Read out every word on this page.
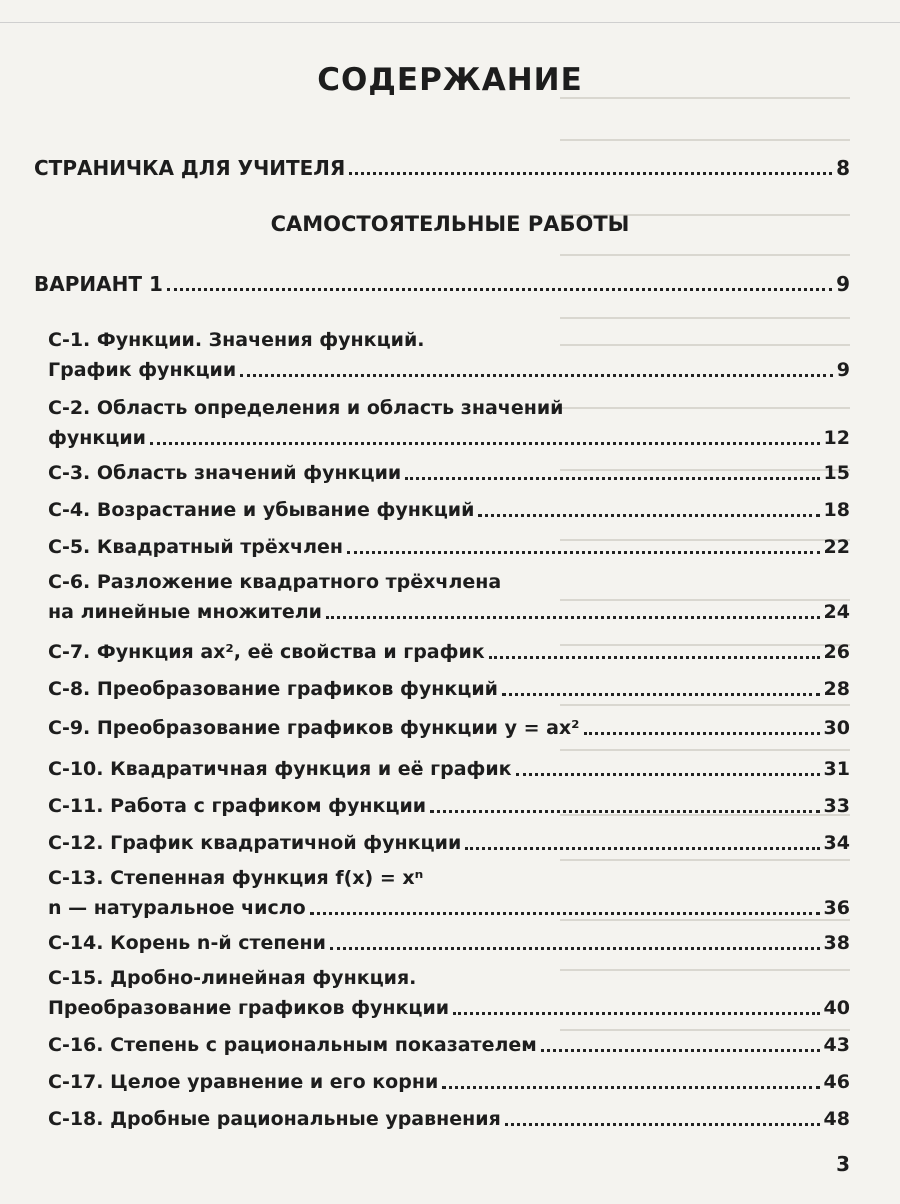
СОДЕРЖАНИЕ
СТРАНИЧКА ДЛЯ УЧИТЕЛЯ	8
САМОСТОЯТЕЛЬНЫЕ РАБОТЫ
ВАРИАНТ 1	9
С-1. Функции. Значения функций.
График функции	9
С-2. Область определения и область значений
функции	12
С-3. Область значений функции	15
С-4. Возрастание и убывание функций	18
С-5. Квадратный трёхчлен	22
С-6. Разложение квадратного трёхчлена
на линейные множители	24
С-7. Функция ax², её свойства и график	26
С-8. Преобразование графиков функций	28
С-9. Преобразование графиков функции y = ax²	30
С-10. Квадратичная функция и её график	31
С-11. Работа с графиком функции	33
С-12. График квадратичной функции	34
С-13. Степенная функция f(x) = xⁿ
n — натуральное число	36
С-14. Корень n-й степени	38
С-15. Дробно-линейная функция.
Преобразование графиков функции	40
С-16. Степень с рациональным показателем	43
С-17. Целое уравнение и его корни	46
С-18. Дробные рациональные уравнения	48
3
